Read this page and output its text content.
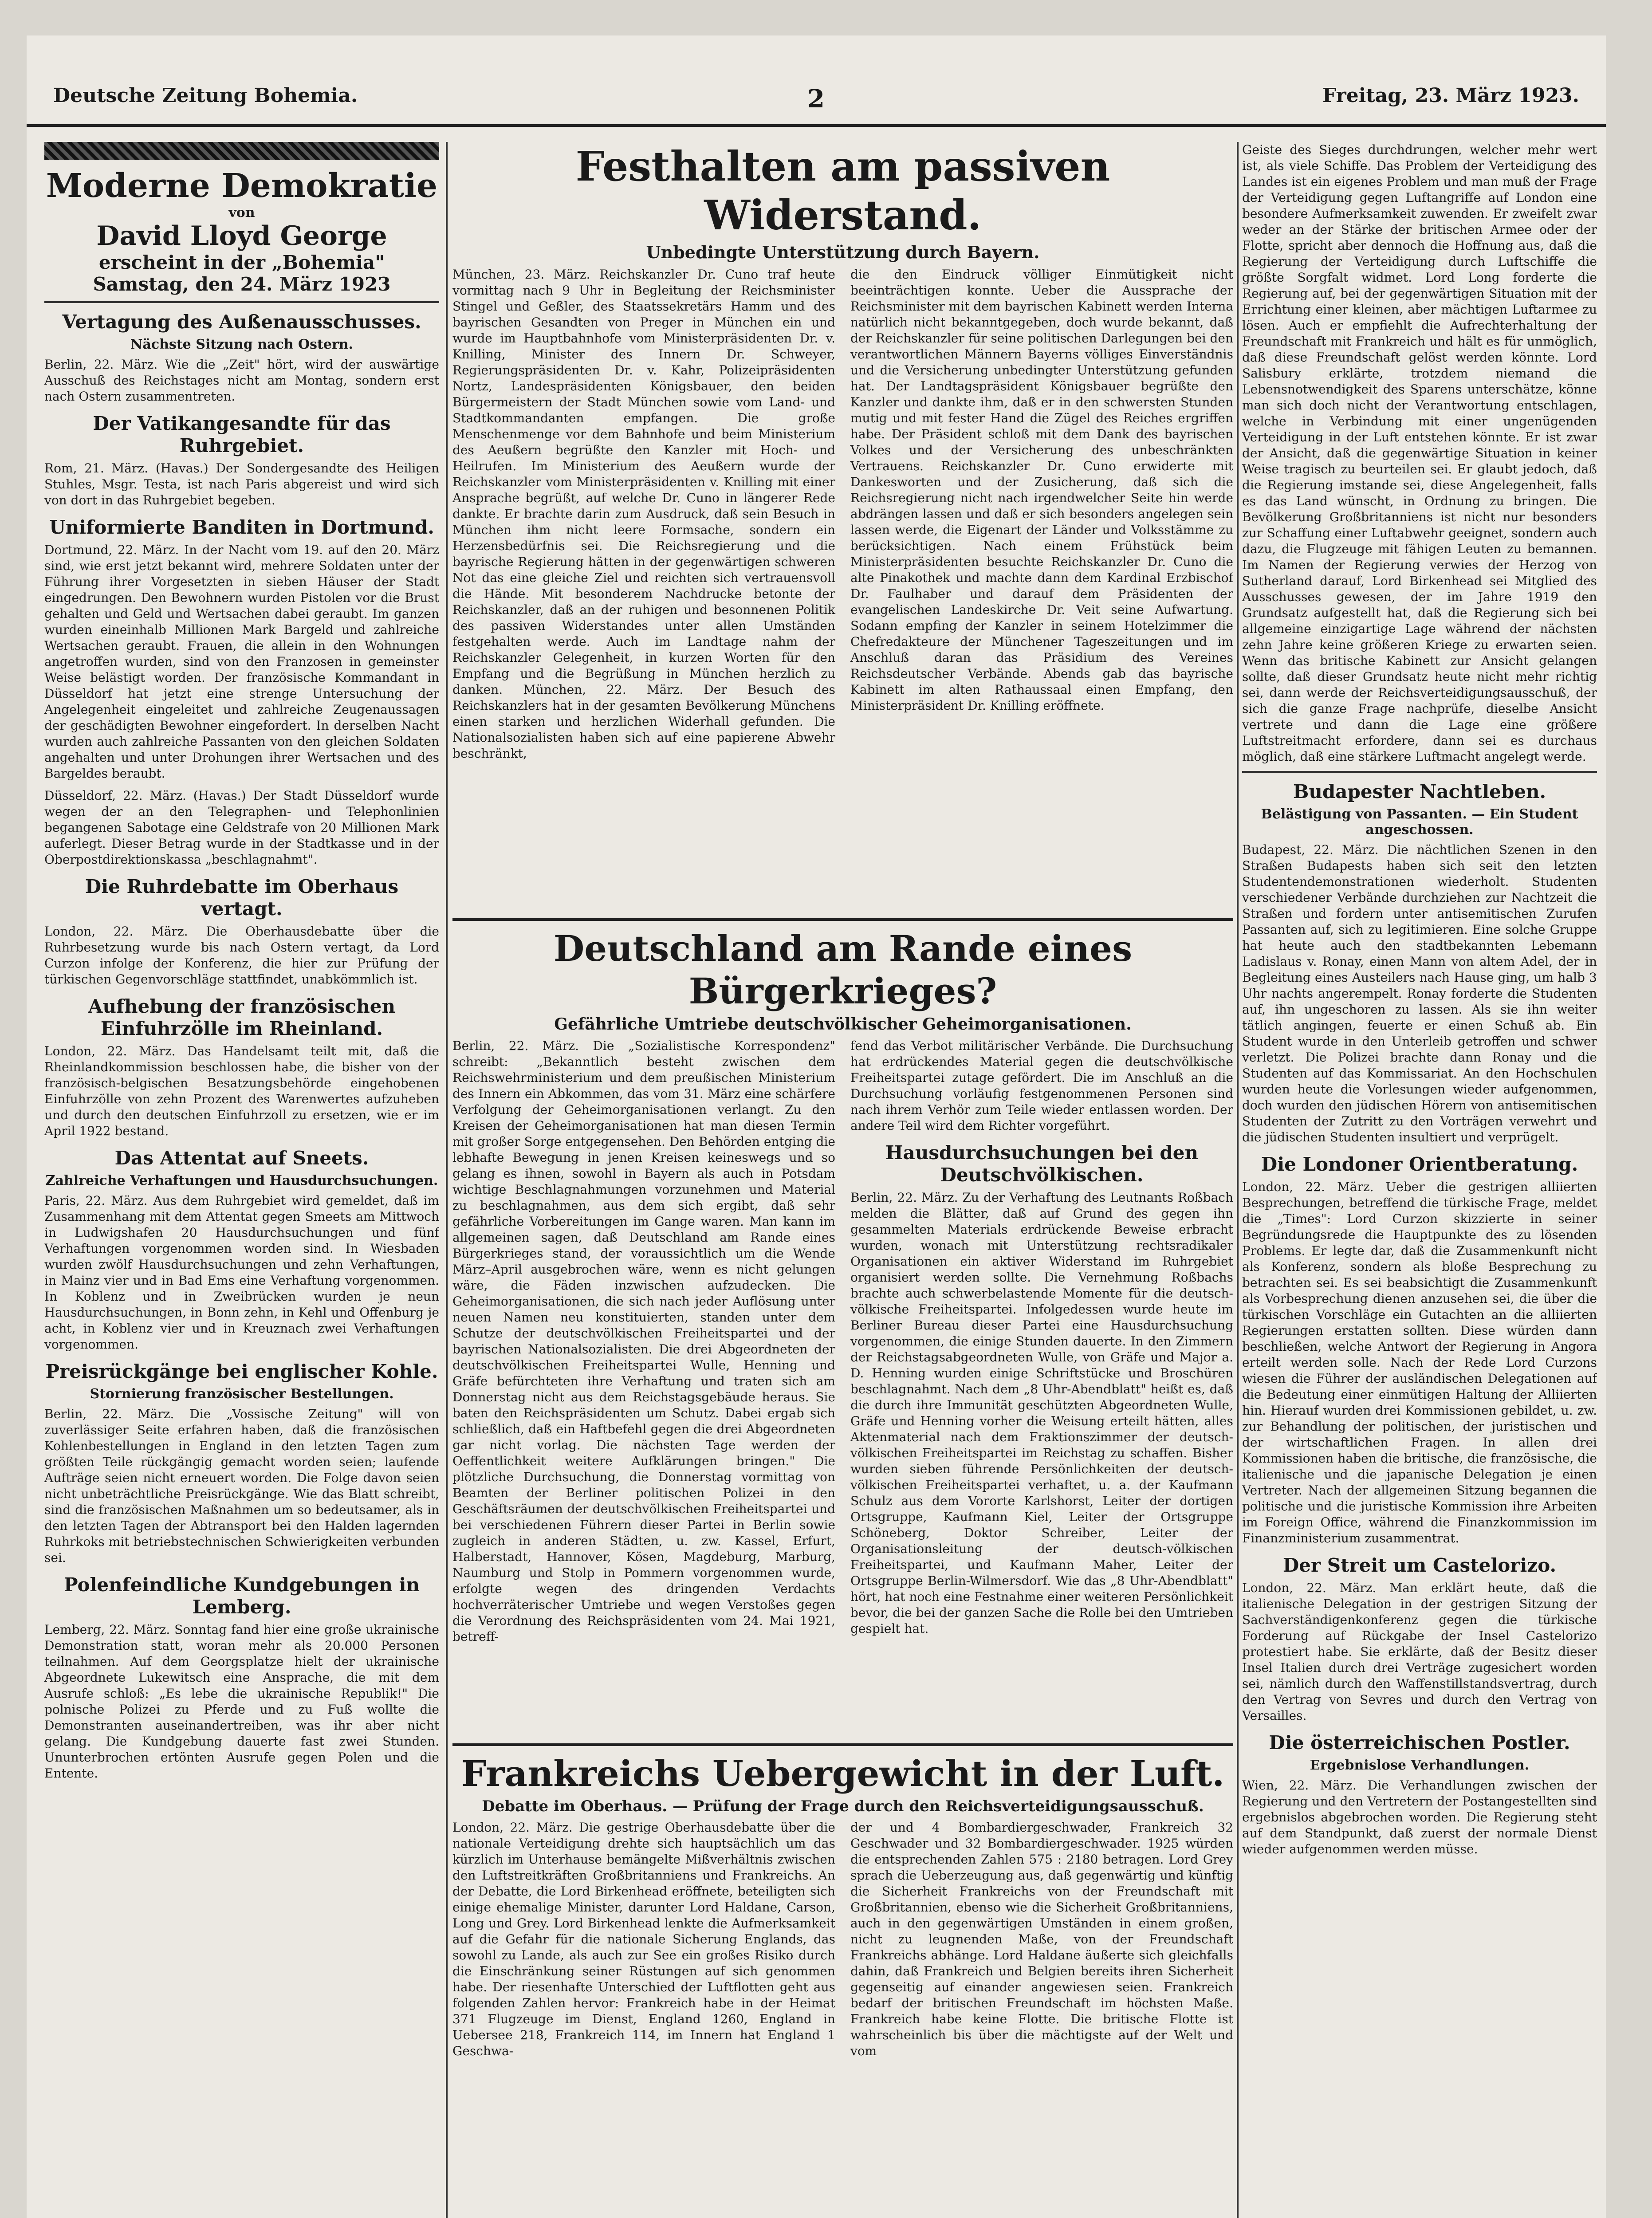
Deutsche Zeitung Bohemia.	2	Freitag, 23. März 1923.
Moderne Demokratie
von
David Lloyd George
erscheint in der „Bohemia"
Samstag, den 24. März 1923
Vertagung des Außenausschusses.
Nächste Sitzung nach Ostern.

Berlin, 22. März. Wie die „Zeit" hört, wird der auswärtige Ausschuß des Reichstages nicht am Montag, sondern erst nach Ostern zusammentreten.

Der Vatikangesandte für das Ruhrgebiet.

Rom, 21. März. (Havas.) Der Sondergesandte des Heiligen Stuhles, Msgr. Testa, ist nach Paris abgereist und wird sich von dort in das Ruhrgebiet begeben.

Uniformierte Banditen in Dortmund.

Dortmund, 22. März. In der Nacht vom 19. auf den 20. März sind, wie erst jetzt bekannt wird, mehrere Soldaten unter der Führung ihrer Vorgesetzten in sieben Häuser der Stadt eingedrungen. Den Bewohnern wurden Pistolen vor die Brust gehalten und Geld und Wertsachen dabei geraubt. Im ganzen wurden eineinhalb Millionen Mark Bargeld und zahlreiche Wertsachen geraubt. Frauen, die allein in den Wohnungen angetroffen wurden, sind von den Franzosen in gemeinster Weise belästigt worden. Der französische Kommandant in Düsseldorf hat jetzt eine strenge Untersuchung der Angelegenheit eingeleitet und zahlreiche Zeugenaussagen der geschädigten Bewohner eingefordert. In derselben Nacht wurden auch zahlreiche Passanten von den gleichen Soldaten angehalten und unter Drohungen ihrer Wertsachen und des Bargeldes beraubt.

Düsseldorf, 22. März. (Havas.) Der Stadt Düsseldorf wurde wegen der an den Telegraphen- und Telephonlinien begangenen Sabotage eine Geldstrafe von 20 Millionen Mark auferlegt. Dieser Betrag wurde in der Stadtkasse und in der Oberpostdirektionskassa „beschlagnahmt".

Die Ruhrdebatte im Oberhaus vertagt.

London, 22. März. Die Oberhausdebatte über die Ruhrbesetzung wurde bis nach Ostern vertagt, da Lord Curzon infolge der Konferenz, die hier zur Prüfung der türkischen Gegenvorschläge stattfindet, unabkömmlich ist.

Aufhebung der französischen Einfuhrzölle im Rheinland.

London, 22. März. Das Handelsamt teilt mit, daß die Rheinlandkommission beschlossen habe, die bisher von der französisch-belgischen Besatzungsbehörde eingehobenen Einfuhrzölle von zehn Prozent des Warenwertes aufzuheben und durch den deutschen Einfuhrzoll zu ersetzen, wie er im April 1922 bestand.

Das Attentat auf Sneets.
Zahlreiche Verhaftungen und Hausdurchsuchungen.

Paris, 22. März. Aus dem Ruhrgebiet wird gemeldet, daß im Zusammenhang mit dem Attentat gegen Smeets am Mittwoch in Ludwigshafen 20 Hausdurchsuchungen und fünf Verhaftungen vorgenommen worden sind. In Wiesbaden wurden zwölf Hausdurchsuchungen und zehn Verhaftungen, in Mainz vier und in Bad Ems eine Verhaftung vorgenommen. In Koblenz und in Zweibrücken wurden je neun Hausdurchsuchungen, in Bonn zehn, in Kehl und Offenburg je acht, in Koblenz vier und in Kreuznach zwei Verhaftungen vorgenommen.

Preisrückgänge bei englischer Kohle.
Stornierung französischer Bestellungen.

Berlin, 22. März. Die „Vossische Zeitung" will von zuverlässiger Seite erfahren haben, daß die französischen Kohlenbestellungen in England in den letzten Tagen zum größten Teile rückgängig gemacht worden seien; laufende Aufträge seien nicht erneuert worden. Die Folge davon seien nicht unbeträchtliche Preisrückgänge. Wie das Blatt schreibt, sind die französischen Maßnahmen um so bedeutsamer, als in den letzten Tagen der Abtransport bei den Halden lagernden Ruhrkoks mit betriebstechnischen Schwierigkeiten verbunden sei.

Polenfeindliche Kundgebungen in Lemberg.

Lemberg, 22. März. Sonntag fand hier eine große ukrainische Demonstration statt, woran mehr als 20.000 Personen teilnahmen. Auf dem Georgsplatze hielt der ukrainische Abgeordnete Lukewitsch eine Ansprache, die mit dem Ausrufe schloß: „Es lebe die ukrainische Republik!" Die polnische Polizei zu Pferde und zu Fuß wollte die Demonstranten auseinandertreiben, was ihr aber nicht gelang. Die Kundgebung dauerte fast zwei Stunden. Ununterbrochen ertönten Ausrufe gegen Polen und die Entente.

Festhalten am passiven Widerstand.
Unbedingte Unterstützung durch Bayern.

München, 23. März. Reichskanzler Dr. Cuno traf heute vormittag nach 9 Uhr in Begleitung der Reichsminister Stingel und Geßler, des Staatssekretärs Hamm und des bayrischen Gesandten von Preger in München ein und wurde im Hauptbahnhofe vom Ministerpräsidenten Dr. v. Knilling, Minister des Innern Dr. Schweyer, Regierungspräsidenten Dr. v. Kahr, Polizeipräsidenten Nortz, Landespräsidenten Königsbauer, den beiden Bürgermeistern der Stadt München sowie vom Land- und Stadtkommandanten empfangen. Die große Menschenmenge vor dem Bahnhofe und beim Ministerium des Aeußern begrüßte den Kanzler mit Hoch- und Heilrufen. Im Ministerium des Aeußern wurde der Reichskanzler vom Ministerpräsidenten v. Knilling mit einer Ansprache begrüßt, auf welche Dr. Cuno in längerer Rede dankte. Er brachte darin zum Ausdruck, daß sein Besuch in München ihm nicht leere Formsache, sondern ein Herzensbedürfnis sei. Die Reichsregierung und die bayrische Regierung hätten in der gegenwärtigen schweren Not das eine gleiche Ziel und reichten sich vertrauensvoll die Hände. Mit besonderem Nachdrucke betonte der Reichskanzler, daß an der ruhigen und besonnenen Politik des passiven Widerstandes unter allen Umständen festgehalten werde. Auch im Landtage nahm der Reichskanzler Gelegenheit, in kurzen Worten für den Empfang und die Begrüßung in München herzlich zu danken. München, 22. März. Der Besuch des Reichskanzlers hat in der gesamten Bevölkerung Münchens einen starken und herzlichen Widerhall gefunden. Die Nationalsozialisten haben sich auf eine papierene Abwehr beschränkt,

die den Eindruck völliger Einmütigkeit nicht beeinträchtigen konnte. Ueber die Aussprache der Reichsminister mit dem bayrischen Kabinett werden Interna natürlich nicht bekanntgegeben, doch wurde bekannt, daß der Reichskanzler für seine politischen Darlegungen bei den verantwortlichen Männern Bayerns völliges Einverständnis und die Versicherung unbedingter Unterstützung gefunden hat. Der Landtagspräsident Königsbauer begrüßte den Kanzler und dankte ihm, daß er in den schwersten Stunden mutig und mit fester Hand die Zügel des Reiches ergriffen habe. Der Präsident schloß mit dem Dank des bayrischen Volkes und der Versicherung des unbeschränkten Vertrauens. Reichskanzler Dr. Cuno erwiderte mit Dankesworten und der Zusicherung, daß sich die Reichsregierung nicht nach irgendwelcher Seite hin werde abdrängen lassen und daß er sich besonders angelegen sein lassen werde, die Eigenart der Länder und Volksstämme zu berücksichtigen. Nach einem Frühstück beim Ministerpräsidenten besuchte Reichskanzler Dr. Cuno die alte Pinakothek und machte dann dem Kardinal Erzbischof Dr. Faulhaber und darauf dem Präsidenten der evangelischen Landeskirche Dr. Veit seine Aufwartung. Sodann empfing der Kanzler in seinem Hotelzimmer die Chefredakteure der Münchener Tageszeitungen und im Anschluß daran das Präsidium des Vereines Reichsdeutscher Verbände. Abends gab das bayrische Kabinett im alten Rathaussaal einen Empfang, den Ministerpräsident Dr. Knilling eröffnete.

Deutschland am Rande eines Bürgerkrieges?
Gefährliche Umtriebe deutschvölkischer Geheimorganisationen.

Berlin, 22. März. Die „Sozialistische Korrespondenz" schreibt: „Bekanntlich besteht zwischen dem Reichswehrministerium und dem preußischen Ministerium des Innern ein Abkommen, das vom 31. März eine schärfere Verfolgung der Geheimorganisationen verlangt. Zu den Kreisen der Geheimorganisationen hat man diesen Termin mit großer Sorge entgegensehen. Den Behörden entging die lebhafte Bewegung in jenen Kreisen keineswegs und so gelang es ihnen, sowohl in Bayern als auch in Potsdam wichtige Beschlagnahmungen vorzunehmen und Material zu beschlagnahmen, aus dem sich ergibt, daß sehr gefährliche Vorbereitungen im Gange waren. Man kann im allgemeinen sagen, daß Deutschland am Rande eines Bürgerkrieges stand, der voraussichtlich um die Wende März–April ausgebrochen wäre, wenn es nicht gelungen wäre, die Fäden inzwischen aufzudecken. Die Geheimorganisationen, die sich nach jeder Auflösung unter neuen Namen neu konstituierten, standen unter dem Schutze der deutschvölkischen Freiheitspartei und der bayrischen Nationalsozialisten. Die drei Abgeordneten der deutschvölkischen Freiheitspartei Wulle, Henning und Gräfe befürchteten ihre Verhaftung und traten sich am Donnerstag nicht aus dem Reichstagsgebäude heraus. Sie baten den Reichspräsidenten um Schutz. Dabei ergab sich schließlich, daß ein Haftbefehl gegen die drei Abgeordneten gar nicht vorlag. Die nächsten Tage werden der Oeffentlichkeit weitere Aufklärungen bringen." Die plötzliche Durchsuchung, die Donnerstag vormittag von Beamten der Berliner politischen Polizei in den Geschäftsräumen der deutschvölkischen Freiheitspartei und bei verschiedenen Führern dieser Partei in Berlin sowie zugleich in anderen Städten, u. zw. Kassel, Erfurt, Halberstadt, Hannover, Kösen, Magdeburg, Marburg, Naumburg und Stolp in Pommern vorgenommen wurde, erfolgte wegen des dringenden Verdachts hochverräterischer Umtriebe und wegen Verstoßes gegen die Verordnung des Reichspräsidenten vom 24. Mai 1921, betreff-

fend das Verbot militärischer Verbände. Die Durchsuchung hat erdrückendes Material gegen die deutschvölkische Freiheitspartei zutage gefördert. Die im Anschluß an die Durchsuchung vorläufig festgenommenen Personen sind nach ihrem Verhör zum Teile wieder entlassen worden. Der andere Teil wird dem Richter vorgeführt.

Hausdurchsuchungen bei den Deutschvölkischen.

Berlin, 22. März. Zu der Verhaftung des Leutnants Roßbach melden die Blätter, daß auf Grund des gegen ihn gesammelten Materials erdrückende Beweise erbracht wurden, wonach mit Unterstützung rechtsradikaler Organisationen ein aktiver Widerstand im Ruhrgebiet organisiert werden sollte. Die Vernehmung Roßbachs brachte auch schwerbelastende Momente für die deutsch-völkische Freiheitspartei. Infolgedessen wurde heute im Berliner Bureau dieser Partei eine Hausdurchsuchung vorgenommen, die einige Stunden dauerte. In den Zimmern der Reichstagsabgeordneten Wulle, von Gräfe und Major a. D. Henning wurden einige Schriftstücke und Broschüren beschlagnahmt. Nach dem „8 Uhr-Abendblatt" heißt es, daß die durch ihre Immunität geschützten Abgeordneten Wulle, Gräfe und Henning vorher die Weisung erteilt hätten, alles Aktenmaterial nach dem Fraktionszimmer der deutsch-völkischen Freiheitspartei im Reichstag zu schaffen. Bisher wurden sieben führende Persönlichkeiten der deutsch-völkischen Freiheitspartei verhaftet, u. a. der Kaufmann Schulz aus dem Vororte Karlshorst, Leiter der dortigen Ortsgruppe, Kaufmann Kiel, Leiter der Ortsgruppe Schöneberg, Doktor Schreiber, Leiter der Organisationsleitung der deutsch-völkischen Freiheitspartei, und Kaufmann Maher, Leiter der Ortsgruppe Berlin-Wilmersdorf. Wie das „8 Uhr-Abendblatt" hört, hat noch eine Festnahme einer weiteren Persönlichkeit bevor, die bei der ganzen Sache die Rolle bei den Umtrieben gespielt hat.

Frankreichs Uebergewicht in der Luft.
Debatte im Oberhaus. — Prüfung der Frage durch den Reichsverteidigungsausschuß.

London, 22. März. Die gestrige Oberhausdebatte über die nationale Verteidigung drehte sich hauptsächlich um das kürzlich im Unterhause bemängelte Mißverhältnis zwischen den Luftstreitkräften Großbritanniens und Frankreichs. An der Debatte, die Lord Birkenhead eröffnete, beteiligten sich einige ehemalige Minister, darunter Lord Haldane, Carson, Long und Grey. Lord Birkenhead lenkte die Aufmerksamkeit auf die Gefahr für die nationale Sicherung Englands, das sowohl zu Lande, als auch zur See ein großes Risiko durch die Einschränkung seiner Rüstungen auf sich genommen habe. Der riesenhafte Unterschied der Luftflotten geht aus folgenden Zahlen hervor: Frankreich habe in der Heimat 371 Flugzeuge im Dienst, England 1260, England in Uebersee 218, Frankreich 114, im Innern hat England 1 Geschwa-

der und 4 Bombardiergeschwader, Frankreich 32 Geschwader und 32 Bombardiergeschwader. 1925 würden die entsprechenden Zahlen 575 : 2180 betragen. Lord Grey sprach die Ueberzeugung aus, daß gegenwärtig und künftig die Sicherheit Frankreichs von der Freundschaft mit Großbritannien, ebenso wie die Sicherheit Großbritanniens, auch in den gegenwärtigen Umständen in einem großen, nicht zu leugnenden Maße, von der Freundschaft Frankreichs abhänge. Lord Haldane äußerte sich gleichfalls dahin, daß Frankreich und Belgien bereits ihren Sicherheit gegenseitig auf einander angewiesen seien. Frankreich bedarf der britischen Freundschaft im höchsten Maße. Frankreich habe keine Flotte. Die britische Flotte ist wahrscheinlich bis über die mächtigste auf der Welt und vom

Geiste des Sieges durchdrungen, welcher mehr wert ist, als viele Schiffe. Das Problem der Verteidigung des Landes ist ein eigenes Problem und man muß der Frage der Verteidigung gegen Luftangriffe auf London eine besondere Aufmerksamkeit zuwenden. Er zweifelt zwar weder an der Stärke der britischen Armee oder der Flotte, spricht aber dennoch die Hoffnung aus, daß die Regierung der Verteidigung durch Luftschiffe die größte Sorgfalt widmet. Lord Long forderte die Regierung auf, bei der gegenwärtigen Situation mit der Errichtung einer kleinen, aber mächtigen Luftarmee zu lösen. Auch er empfiehlt die Aufrechterhaltung der Freundschaft mit Frankreich und hält es für unmöglich, daß diese Freundschaft gelöst werden könnte. Lord Salisbury erklärte, trotzdem niemand die Lebensnotwendigkeit des Sparens unterschätze, könne man sich doch nicht der Verantwortung entschlagen, welche in Verbindung mit einer ungenügenden Verteidigung in der Luft entstehen könnte. Er ist zwar der Ansicht, daß die gegenwärtige Situation in keiner Weise tragisch zu beurteilen sei. Er glaubt jedoch, daß die Regierung imstande sei, diese Angelegenheit, falls es das Land wünscht, in Ordnung zu bringen. Die Bevölkerung Großbritanniens ist nicht nur besonders zur Schaffung einer Luftabwehr geeignet, sondern auch dazu, die Flugzeuge mit fähigen Leuten zu bemannen. Im Namen der Regierung verwies der Herzog von Sutherland darauf, Lord Birkenhead sei Mitglied des Ausschusses gewesen, der im Jahre 1919 den Grundsatz aufgestellt hat, daß die Regierung sich bei allgemeine einzigartige Lage während der nächsten zehn Jahre keine größeren Kriege zu erwarten seien. Wenn das britische Kabinett zur Ansicht gelangen sollte, daß dieser Grundsatz heute nicht mehr richtig sei, dann werde der Reichsverteidigungsausschuß, der sich die ganze Frage nachprüfe, dieselbe Ansicht vertrete und dann die Lage eine größere Luftstreitmacht erfordere, dann sei es durchaus möglich, daß eine stärkere Luftmacht angelegt werde.

Budapester Nachtleben.
Belästigung von Passanten. — Ein Student angeschossen.

Budapest, 22. März. Die nächtlichen Szenen in den Straßen Budapests haben sich seit den letzten Studentendemonstrationen wiederholt. Studenten verschiedener Verbände durchziehen zur Nachtzeit die Straßen und fordern unter antisemitischen Zurufen Passanten auf, sich zu legitimieren. Eine solche Gruppe hat heute auch den stadtbekannten Lebemann Ladislaus v. Ronay, einen Mann von altem Adel, der in Begleitung eines Austeilers nach Hause ging, um halb 3 Uhr nachts angerempelt. Ronay forderte die Studenten auf, ihn ungeschoren zu lassen. Als sie ihn weiter tätlich angingen, feuerte er einen Schuß ab. Ein Student wurde in den Unterleib getroffen und schwer verletzt. Die Polizei brachte dann Ronay und die Studenten auf das Kommissariat. An den Hochschulen wurden heute die Vorlesungen wieder aufgenommen, doch wurden den jüdischen Hörern von antisemitischen Studenten der Zutritt zu den Vorträgen verwehrt und die jüdischen Studenten insultiert und verprügelt.

Die Londoner Orientberatung.

London, 22. März. Ueber die gestrigen alliierten Besprechungen, betreffend die türkische Frage, meldet die „Times": Lord Curzon skizzierte in seiner Begründungsrede die Hauptpunkte des zu lösenden Problems. Er legte dar, daß die Zusammenkunft nicht als Konferenz, sondern als bloße Besprechung zu betrachten sei. Es sei beabsichtigt die Zusammenkunft als Vorbesprechung dienen anzusehen sei, die über die türkischen Vorschläge ein Gutachten an die alliierten Regierungen erstatten sollten. Diese würden dann beschließen, welche Antwort der Regierung in Angora erteilt werden solle. Nach der Rede Lord Curzons wiesen die Führer der ausländischen Delegationen auf die Bedeutung einer einmütigen Haltung der Alliierten hin. Hierauf wurden drei Kommissionen gebildet, u. zw. zur Behandlung der politischen, der juristischen und der wirtschaftlichen Fragen. In allen drei Kommissionen haben die britische, die französische, die italienische und die japanische Delegation je einen Vertreter. Nach der allgemeinen Sitzung begannen die politische und die juristische Kommission ihre Arbeiten im Foreign Office, während die Finanzkommission im Finanzministerium zusammentrat.

Der Streit um Castelorizo.

London, 22. März. Man erklärt heute, daß die italienische Delegation in der gestrigen Sitzung der Sachverständigenkonferenz gegen die türkische Forderung auf Rückgabe der Insel Castelorizo protestiert habe. Sie erklärte, daß der Besitz dieser Insel Italien durch drei Verträge zugesichert worden sei, nämlich durch den Waffenstillstandsvertrag, durch den Vertrag von Sevres und durch den Vertrag von Versailles.

Die österreichischen Postler.
Ergebnislose Verhandlungen.

Wien, 22. März. Die Verhandlungen zwischen der Regierung und den Vertretern der Postangestellten sind ergebnislos abgebrochen worden. Die Regierung steht auf dem Standpunkt, daß zuerst der normale Dienst wieder aufgenommen werden müsse.
